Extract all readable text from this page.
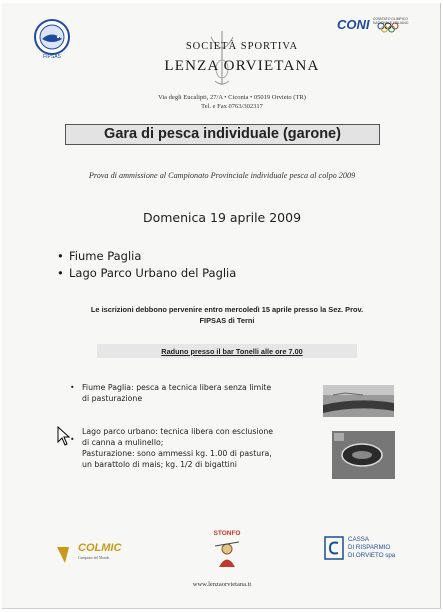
FIPSAS
SOCIETÀ SPORTIVA
LENZA ORVIETANA
CONI COMITATO OLIMPICO NAZIONALE ITALIANO
Via degli Eucalipti, 27/A • Ciconia • 05019 Orvieto (TR)
Tel. e Fax 0763/302317
Gara di pesca individuale (garone)
Prova di ammissione al Campionato Provinciale individuale pesca al colpo 2009
Domenica 19 aprile 2009
• Fiume Paglia
• Lago Parco Urbano del Paglia
Le iscrizioni debbono pervenire entro mercoledì 15 aprile presso la Sez. Prov.
FIPSAS di Terni
Raduno presso il bar Tonelli alle ore 7.00
• Fiume Paglia: pesca a tecnica libera senza limite
di pasturazione
•
Lago parco urbano: tecnica libera con esclusione
di canna a mulinello;
Pasturazione: sono ammessi kg. 1.00 di pastura,
un barattolo di mais; kg. 1/2 di bigattini
COLMIC
Campione del Mondo
STONFO
CASSA
DI RISPARMIO
DI ORVIETO spa
www.lenzaorvietana.it
